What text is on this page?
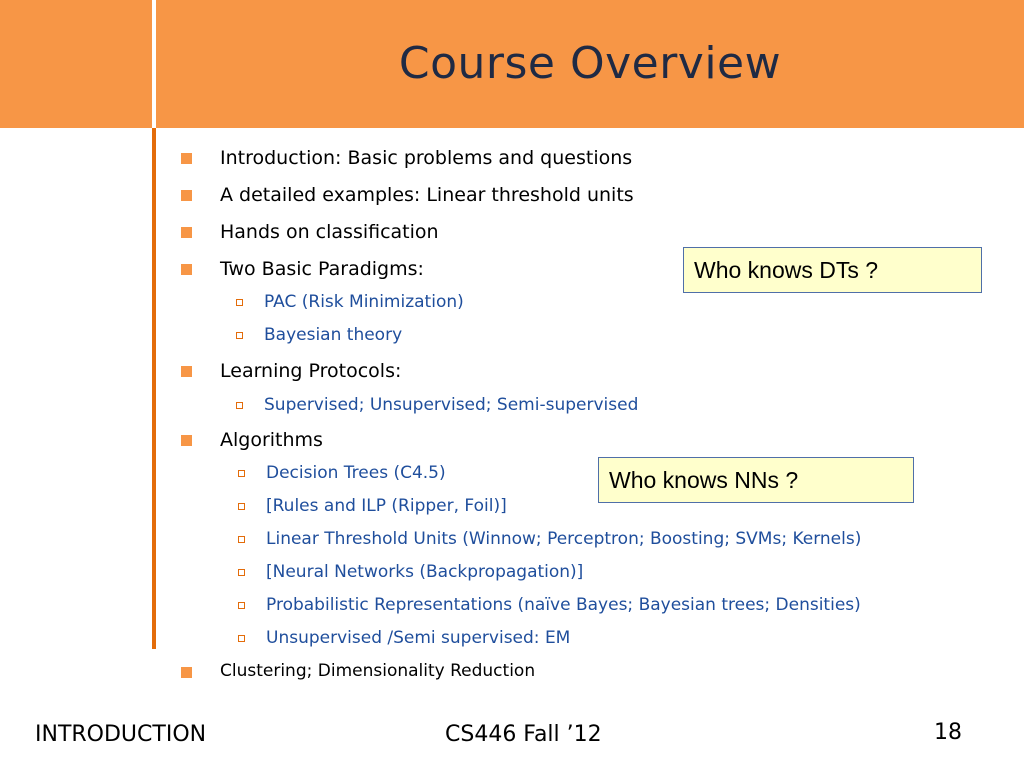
Course Overview
Introduction: Basic problems and questions
A detailed examples: Linear threshold units
Hands on classification
Two Basic Paradigms:
PAC (Risk Minimization)
Bayesian theory
Learning Protocols:
Supervised; Unsupervised; Semi-supervised
Algorithms
Decision Trees (C4.5)
[Rules and ILP (Ripper, Foil)]
Linear Threshold Units (Winnow; Perceptron; Boosting; SVMs; Kernels)
[Neural Networks (Backpropagation)]
Probabilistic Representations (naïve Bayes; Bayesian trees; Densities)
Unsupervised /Semi supervised: EM
Clustering; Dimensionality Reduction
Who knows DTs ?
Who knows NNs ?
INTRODUCTION	CS446 Fall ’12	18
